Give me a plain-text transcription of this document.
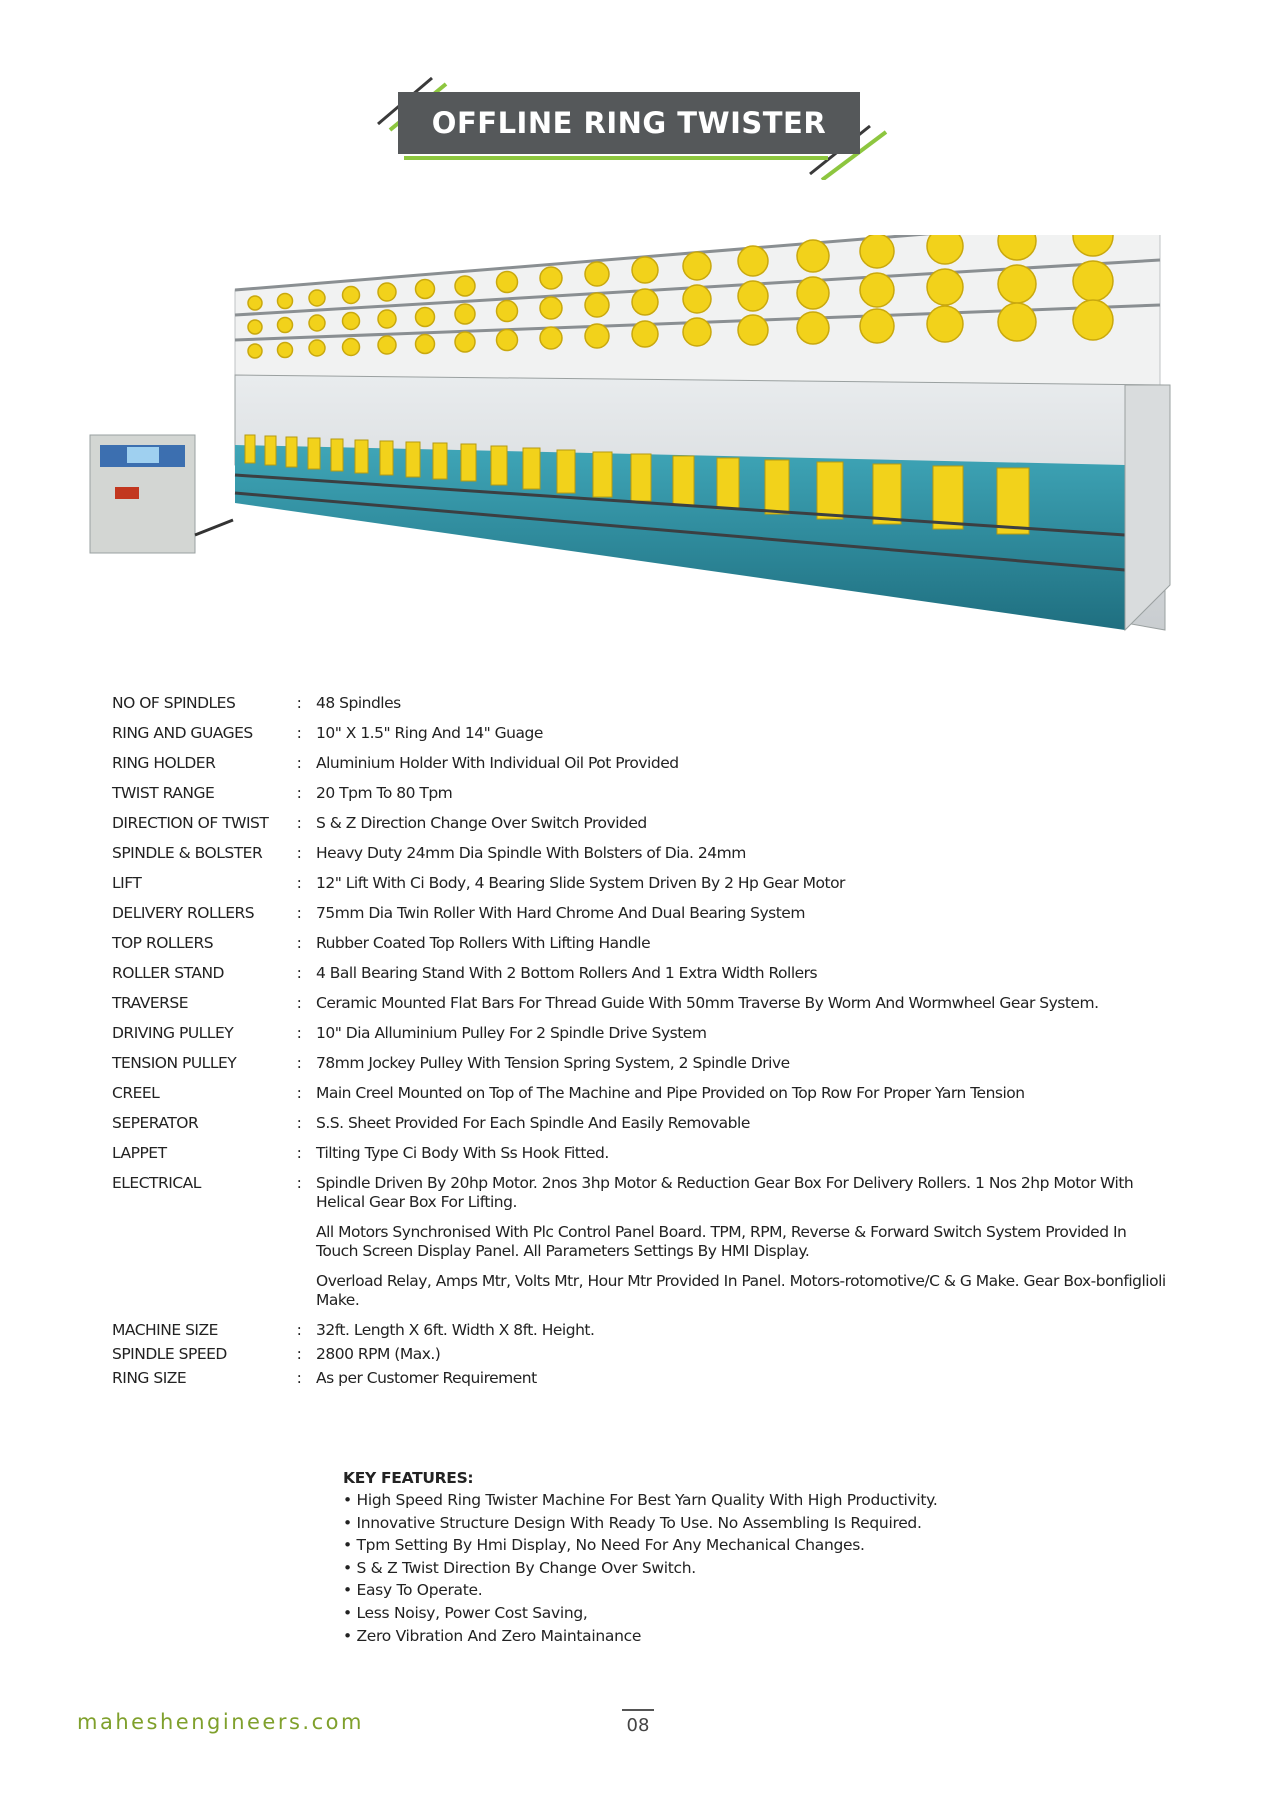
OFFLINE RING TWISTER
NO OF SPINDLES	: 48 Spindles

RING AND GUAGES	: 10" X 1.5" Ring And 14" Guage

RING HOLDER	: Aluminium Holder With Individual Oil Pot Provided

TWIST RANGE	: 20 Tpm To 80 Tpm

DIRECTION OF TWIST	: S & Z Direction Change Over Switch Provided

SPINDLE & BOLSTER	: Heavy Duty 24mm Dia Spindle With Bolsters of Dia. 24mm

LIFT	: 12" Lift With Ci Body, 4 Bearing Slide System Driven By 2 Hp Gear Motor

DELIVERY ROLLERS	: 75mm Dia Twin Roller With Hard Chrome And Dual Bearing System

TOP ROLLERS	: Rubber Coated Top Rollers With Lifting Handle

ROLLER STAND	: 4 Ball Bearing Stand With 2 Bottom Rollers And 1 Extra Width Rollers

TRAVERSE	: Ceramic Mounted Flat Bars For Thread Guide With 50mm Traverse By Worm And Wormwheel Gear System.

DRIVING PULLEY	: 10" Dia Alluminium Pulley For 2 Spindle Drive System

TENSION PULLEY	: 78mm Jockey Pulley With Tension Spring System, 2 Spindle Drive

CREEL	: Main Creel Mounted on Top of The Machine and Pipe Provided on Top Row For Proper Yarn Tension

SEPERATOR	: S.S. Sheet Provided For Each Spindle And Easily Removable

LAPPET	: Tilting Type Ci Body With Ss Hook Fitted.

ELECTRICAL	: Spindle Driven By 20hp Motor. 2nos 3hp Motor & Reduction Gear Box For Delivery Rollers. 1 Nos 2hp Motor With Helical Gear Box For Lifting.

All Motors Synchronised With Plc Control Panel Board. TPM, RPM, Reverse & Forward Switch System Provided In Touch Screen Display Panel. All Parameters Settings By HMI Display.

Overload Relay, Amps Mtr, Volts Mtr, Hour Mtr Provided In Panel. Motors-rotomotive/C & G Make. Gear Box-bonfiglioli Make.

MACHINE SIZE	: 32ft. Length X 6ft. Width X 8ft. Height.

SPINDLE SPEED	: 2800 RPM (Max.)

RING SIZE	: As per Customer Requirement

KEY FEATURES:
• High Speed Ring Twister Machine For Best Yarn Quality With High Productivity.
• Innovative Structure Design With Ready To Use. No Assembling Is Required.
• Tpm Setting By Hmi Display, No Need For Any Mechanical Changes.
• S & Z Twist Direction By Change Over Switch.
• Easy To Operate.
• Less Noisy, Power Cost Saving,
• Zero Vibration And Zero Maintainance
maheshengineers.com	08
